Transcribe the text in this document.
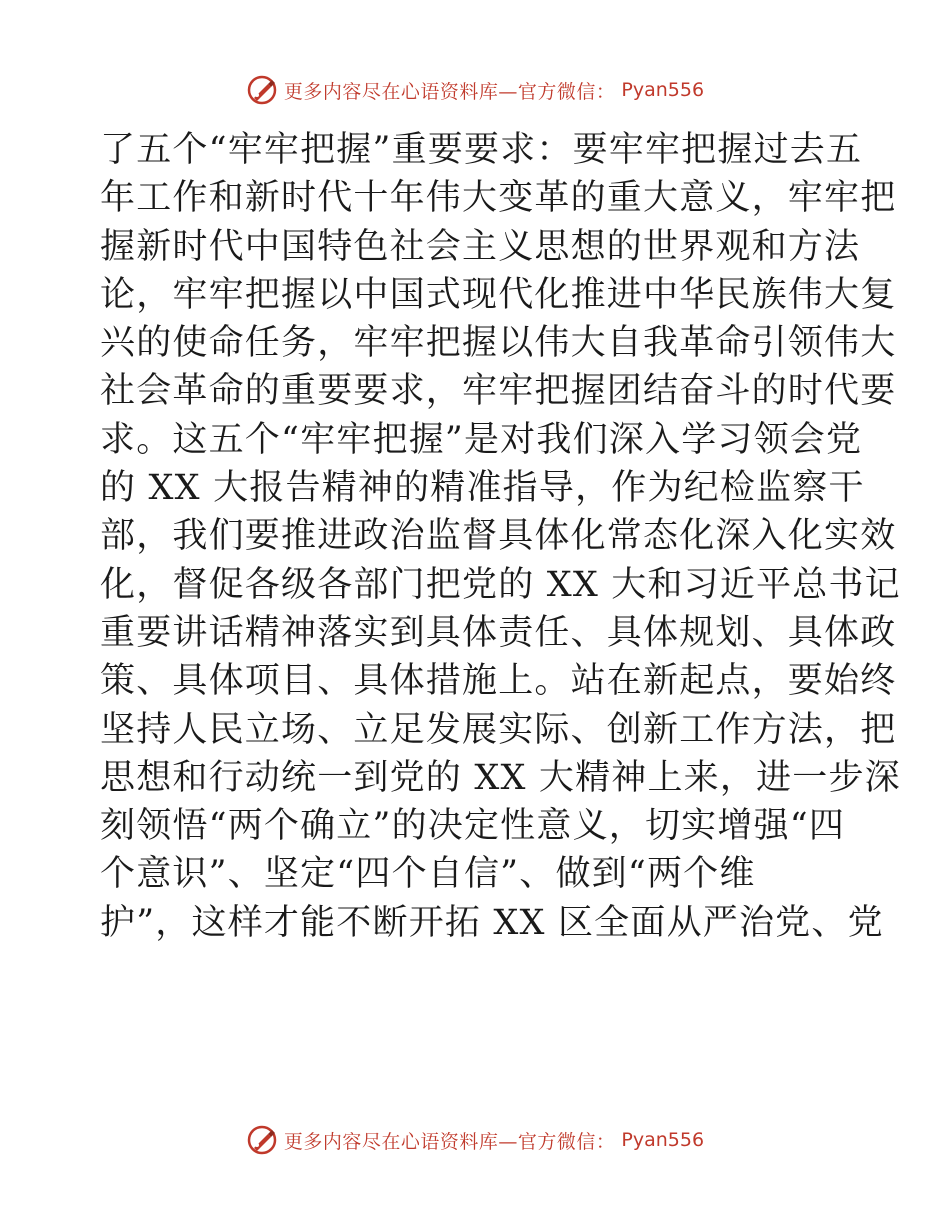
更多内容尽在心语资料库—官方微信： Pyan556
了五个“牢牢把握”重要要求：要牢牢把握过去五
年工作和新时代十年伟大变革的重大意义，牢牢把
握新时代中国特色社会主义思想的世界观和方法
论，牢牢把握以中国式现代化推进中华民族伟大复
兴的使命任务，牢牢把握以伟大自我革命引领伟大
社会革命的重要要求，牢牢把握团结奋斗的时代要
求。这五个“牢牢把握”是对我们深入学习领会党
的 XX 大报告精神的精准指导，作为纪检监察干
部，我们要推进政治监督具体化常态化深入化实效
化，督促各级各部门把党的 XX 大和习近平总书记
重要讲话精神落实到具体责任、具体规划、具体政
策、具体项目、具体措施上。站在新起点，要始终
坚持人民立场、立足发展实际、创新工作方法，把
思想和行动统一到党的 XX 大精神上来，进一步深
刻领悟“两个确立”的决定性意义，切实增强“四
个意识”、坚定“四个自信”、做到“两个维
护”，这样才能不断开拓 XX 区全面从严治党、党
更多内容尽在心语资料库—官方微信： Pyan556
